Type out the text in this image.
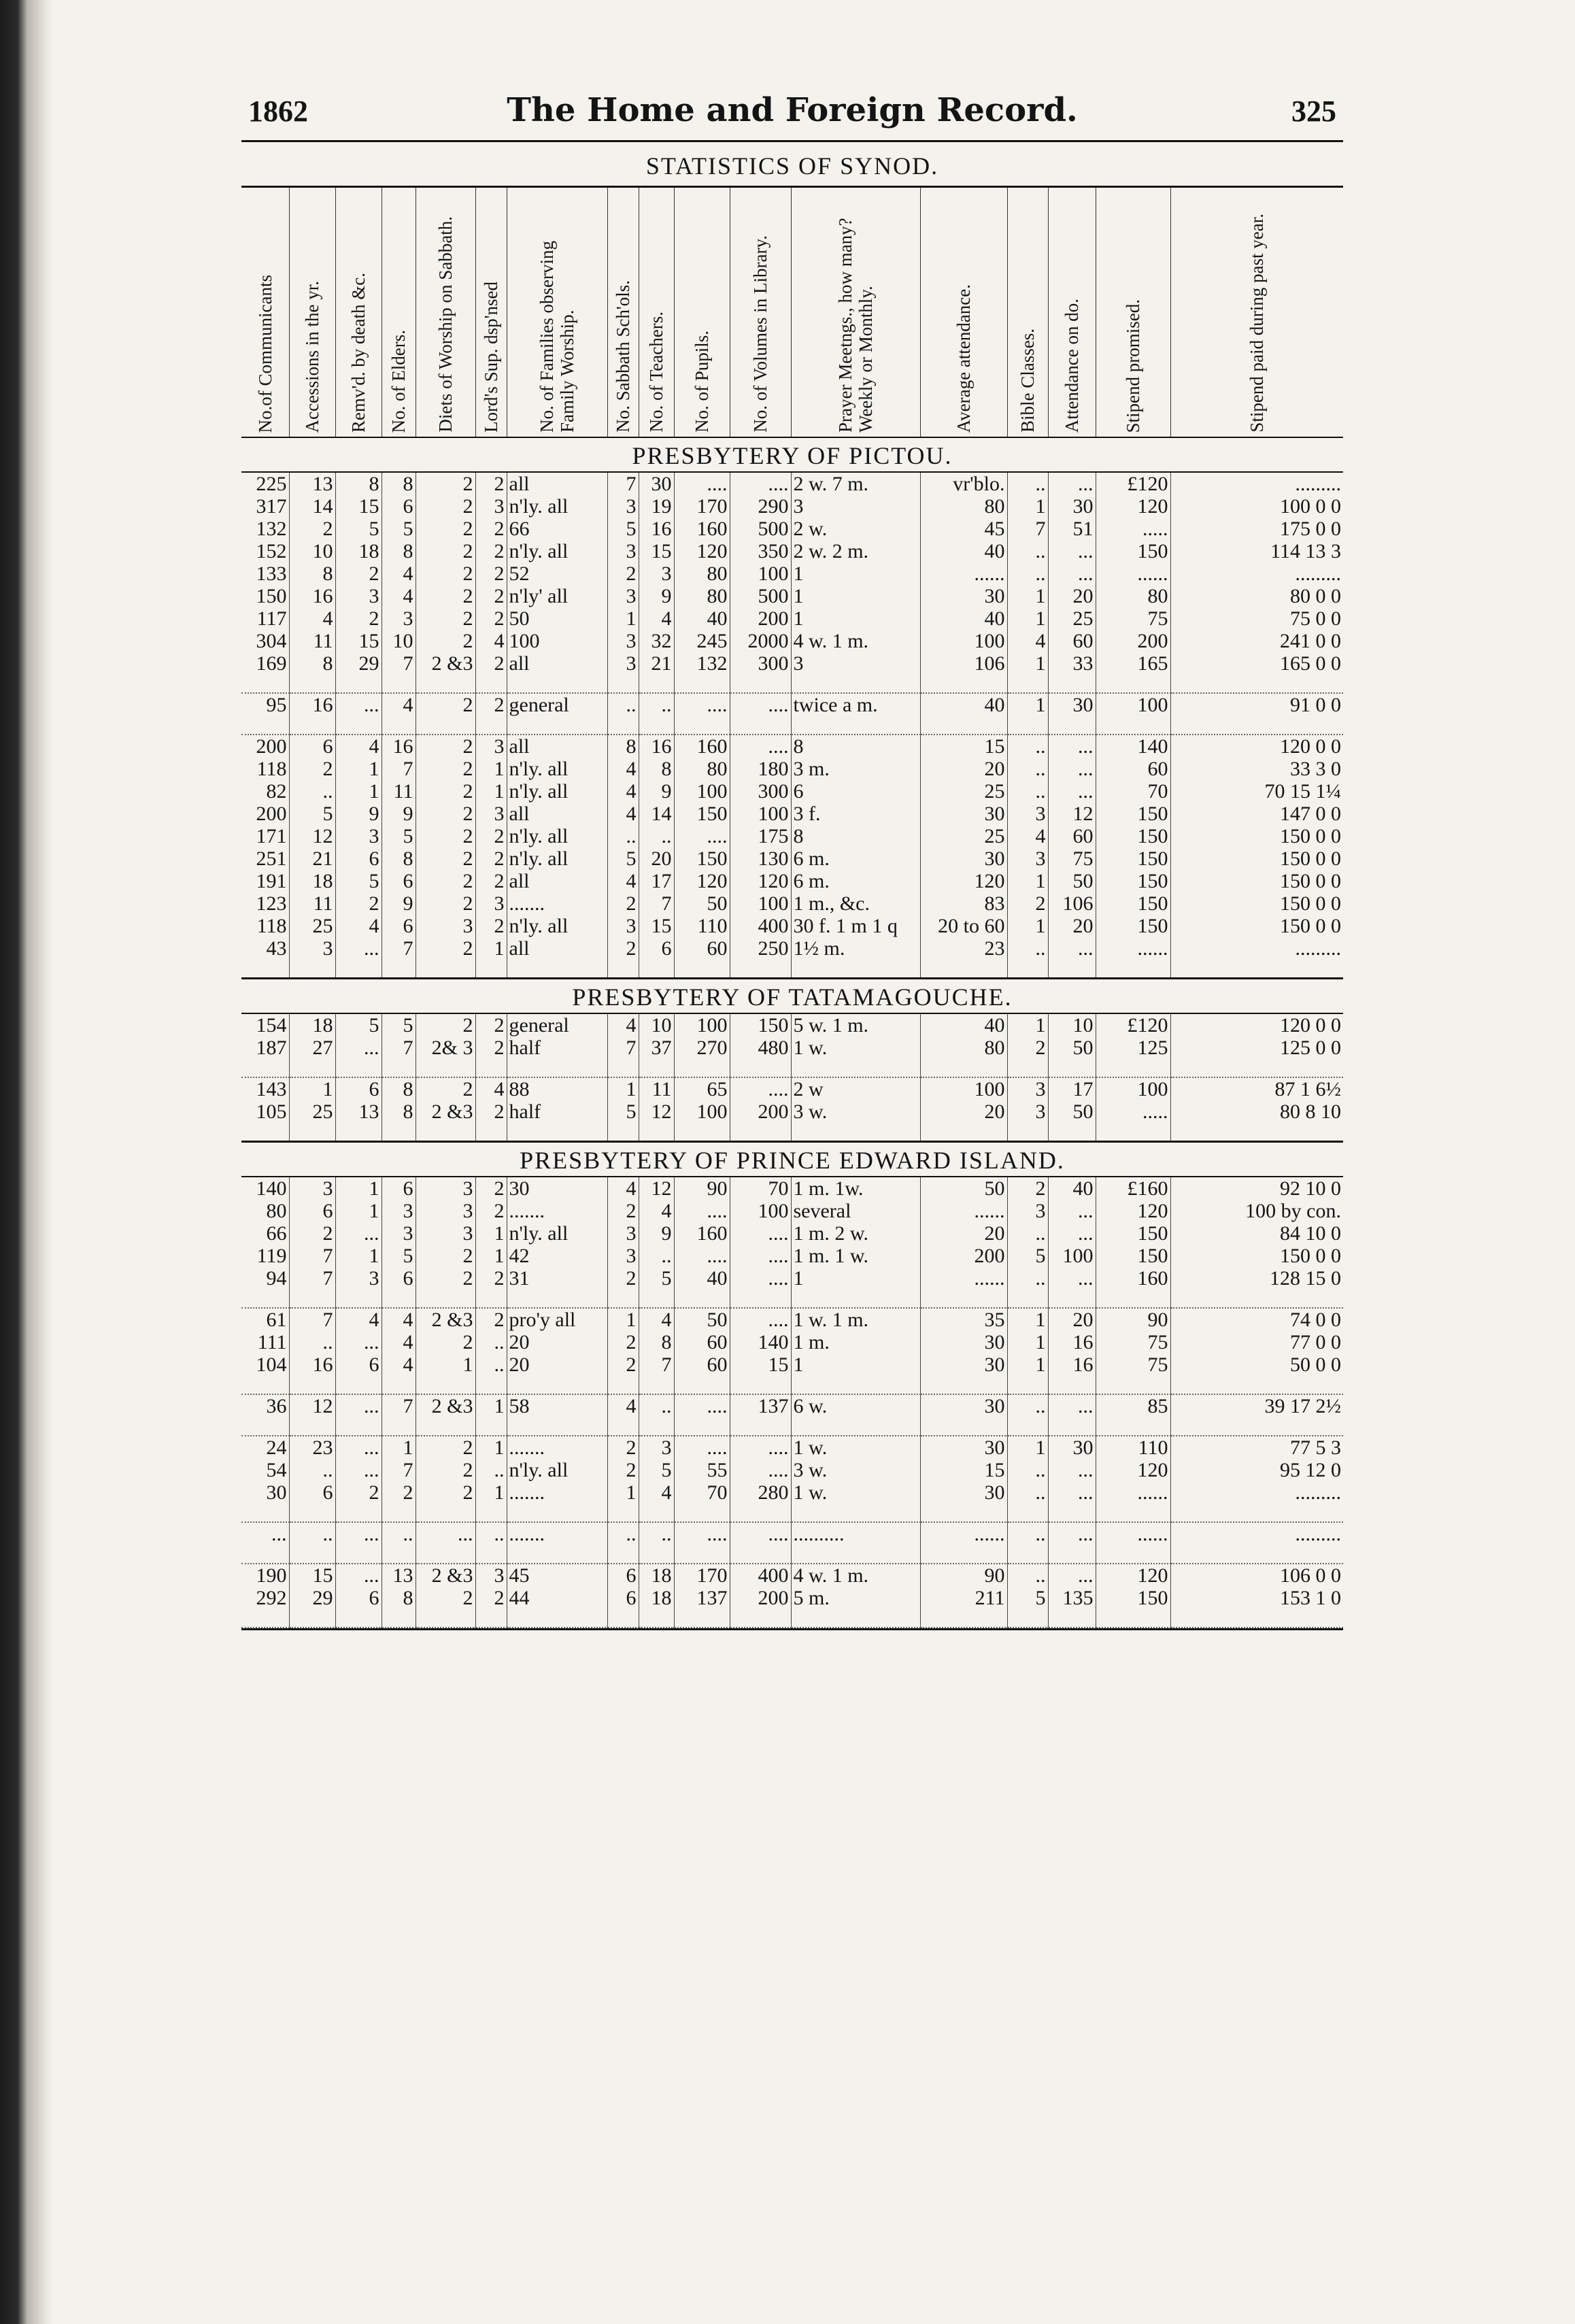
1862	The Home and Foreign Record.	325
STATISTICS OF SYNOD.
No.of Communicants	Accessions in the yr.	Remv'd. by death &c.	No. of Elders.	Diets of Worship on Sabbath.	Lord's Sup. dsp'nsed	No. of Families observing Family Worship.	No. Sabbath Sch'ols.	No. of Teachers.	No. of Pupils.	No. of Volumes in Library.	Prayer Meetngs., how many? Weekly or Monthly.	Average attendance.	Bible Classes.	Attendance on do.	Stipend promised.	Stipend paid during past year.

PRESBYTERY OF PICTOU.																
225	13	8	8	2	2	all	7	30	....	....	2 w. 7 m.	vr'blo.	..	...	£120	.........
317	14	15	6	2	3	n'ly. all	3	19	170	290	3	80	1	30	120	100 0 0
132	2	5	5	2	2	66	5	16	160	500	2 w.	45	7	51	.....	175 0 0
152	10	18	8	2	2	n'ly. all	3	15	120	350	2 w. 2 m.	40	..	...	150	114 13 3
133	8	2	4	2	2	52	2	3	80	100	1	......	..	...	......	.........
150	16	3	4	2	2	n'ly' all	3	9	80	500	1	30	1	20	80	80 0 0
117	4	2	3	2	2	50	1	4	40	200	1	40	1	25	75	75 0 0
304	11	15	10	2	4	100	3	32	245	2000	4 w. 1 m.	100	4	60	200	241 0 0
169	8	29	7	2 &3	2	all	3	21	132	300	3	106	1	33	165	165 0 0

95	16	...	4	2	2	general	..	..	....	....	twice a m.	40	1	30	100	91 0 0

200	6	4	16	2	3	all	8	16	160	....	8	15	..	...	140	120 0 0
118	2	1	7	2	1	n'ly. all	4	8	80	180	3 m.	20	..	...	60	33 3 0
82	..	1	11	2	1	n'ly. all	4	9	100	300	6	25	..	...	70	70 15 1¼
200	5	9	9	2	3	all	4	14	150	100	3 f.	30	3	12	150	147 0 0
171	12	3	5	2	2	n'ly. all	..	..	....	175	8	25	4	60	150	150 0 0
251	21	6	8	2	2	n'ly. all	5	20	150	130	6 m.	30	3	75	150	150 0 0
191	18	5	6	2	2	all	4	17	120	120	6 m.	120	1	50	150	150 0 0
123	11	2	9	2	3	.......	2	7	50	100	1 m., &c.	83	2	106	150	150 0 0
118	25	4	6	3	2	n'ly. all	3	15	110	400	30 f. 1 m 1 q	20 to 60	1	20	150	150 0 0
43	3	...	7	2	1	all	2	6	60	250	1½ m.	23	..	...	......	.........

PRESBYTERY OF TATAMAGOUCHE.																
154	18	5	5	2	2	general	4	10	100	150	5 w. 1 m.	40	1	10	£120	120 0 0
187	27	...	7	2& 3	2	half	7	37	270	480	1 w.	80	2	50	125	125 0 0

143	1	6	8	2	4	88	1	11	65	....	2 w	100	3	17	100	87 1 6½
105	25	13	8	2 &3	2	half	5	12	100	200	3 w.	20	3	50	.....	80 8 10

PRESBYTERY OF PRINCE EDWARD ISLAND.																
140	3	1	6	3	2	30	4	12	90	70	1 m. 1w.	50	2	40	£160	92 10 0
80	6	1	3	3	2	.......	2	4	....	100	several	......	3	...	120	100 by con.
66	2	...	3	3	1	n'ly. all	3	9	160	....	1 m. 2 w.	20	..	...	150	84 10 0
119	7	1	5	2	1	42	3	..	....	....	1 m. 1 w.	200	5	100	150	150 0 0
94	7	3	6	2	2	31	2	5	40	....	1	......	..	...	160	128 15 0

61	7	4	4	2 &3	2	pro'y all	1	4	50	....	1 w. 1 m.	35	1	20	90	74 0 0
111	..	...	4	2	..	20	2	8	60	140	1 m.	30	1	16	75	77 0 0
104	16	6	4	1	..	20	2	7	60	15	1	30	1	16	75	50 0 0

36	12	...	7	2 &3	1	58	4	..	....	137	6 w.	30	..	...	85	39 17 2½

24	23	...	1	2	1	.......	2	3	....	....	1 w.	30	1	30	110	77 5 3
54	..	...	7	2	..	n'ly. all	2	5	55	....	3 w.	15	..	...	120	95 12 0
30	6	2	2	2	1	.......	1	4	70	280	1 w.	30	..	...	......	.........

...	..	...	..	...	..	.......	..	..	....	....	..........	......	..	...	......	.........

190	15	...	13	2 &3	3	45	6	18	170	400	4 w. 1 m.	90	..	...	120	106 0 0
292	29	6	8	2	2	44	6	18	137	200	5 m.	211	5	135	150	153 1 0
